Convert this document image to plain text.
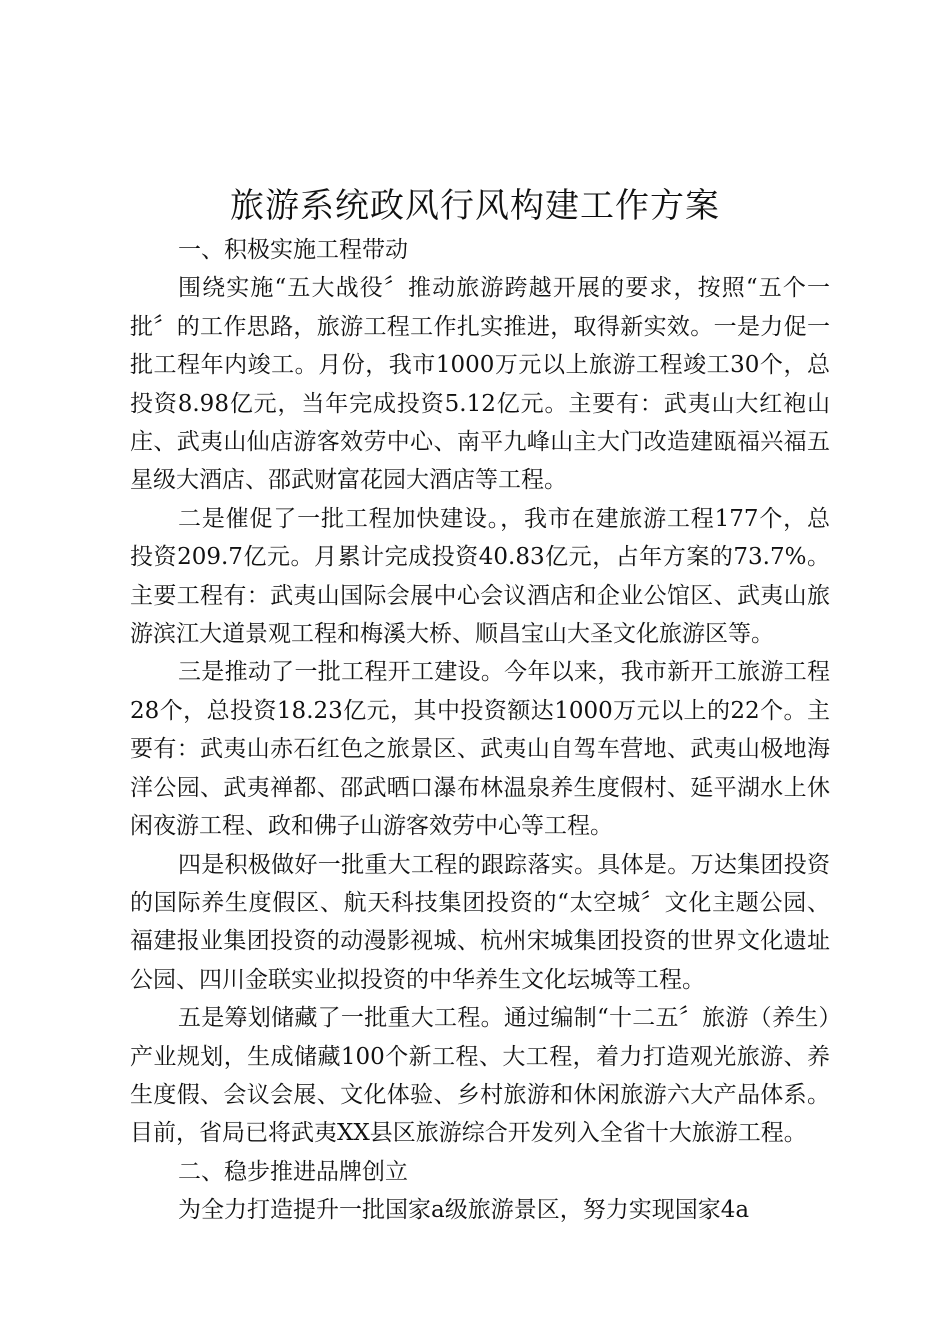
旅游系统政风行风构建工作方案
一、积极实施工程带动

围绕实施“五大战役〞推动旅游跨越开展的要求，按照“五个一批〞的工作思路，旅游工程工作扎实推进，取得新实效。一是力促一批工程年内竣工。月份，我市1000万元以上旅游工程竣工30个，总投资8.98亿元，当年完成投资5.12亿元。主要有：武夷山大红袍山庄、武夷山仙店游客效劳中心、南平九峰山主大门改造建瓯福兴福五星级大酒店、邵武财富花园大酒店等工程。

二是催促了一批工程加快建设。，我市在建旅游工程177个，总投资209.7亿元。月累计完成投资40.83亿元，占年方案的73.7%。主要工程有：武夷山国际会展中心会议酒店和企业公馆区、武夷山旅游滨江大道景观工程和梅溪大桥、顺昌宝山大圣文化旅游区等。

三是推动了一批工程开工建设。今年以来，我市新开工旅游工程28个，总投资18.23亿元，其中投资额达1000万元以上的22个。主要有：武夷山赤石红色之旅景区、武夷山自驾车营地、武夷山极地海洋公园、武夷禅都、邵武晒口瀑布林温泉养生度假村、延平湖水上休闲夜游工程、政和佛子山游客效劳中心等工程。

四是积极做好一批重大工程的跟踪落实。具体是。万达集团投资的国际养生度假区、航天科技集团投资的“太空城〞文化主题公园、福建报业集团投资的动漫影视城、杭州宋城集团投资的世界文化遗址公园、四川金联实业拟投资的中华养生文化坛城等工程。

五是筹划储藏了一批重大工程。通过编制“十二五〞旅游（养生）产业规划，生成储藏100个新工程、大工程，着力打造观光旅游、养生度假、会议会展、文化体验、乡村旅游和休闲旅游六大产品体系。目前，省局已将武夷XX县区旅游综合开发列入全省十大旅游工程。

二、稳步推进品牌创立

为全力打造提升一批国家a级旅游景区，努力实现国家4a
